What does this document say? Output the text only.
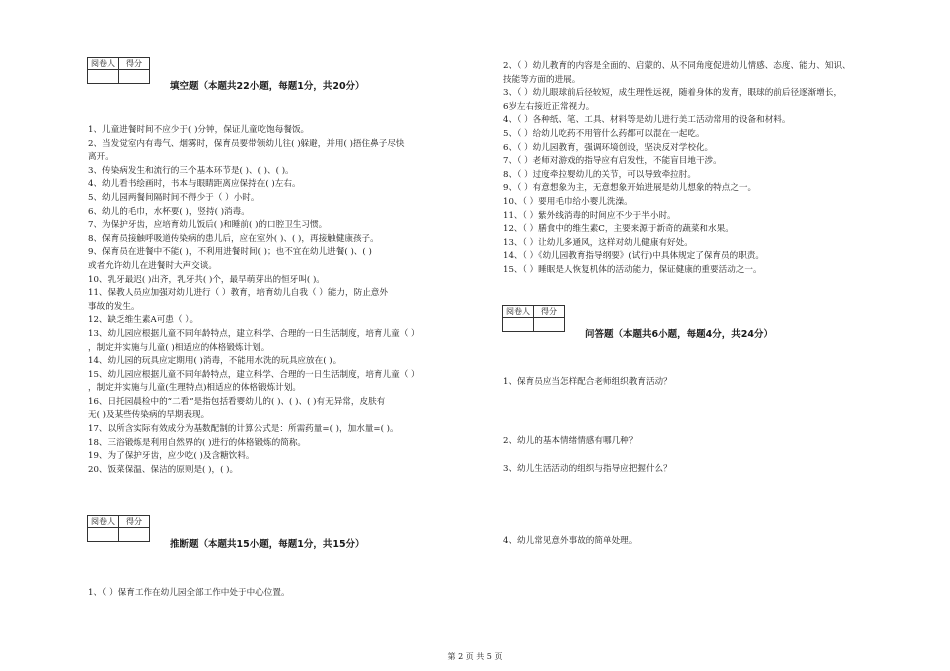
阅卷人	得分

填空题（本题共22小题，每题1分，共20分）
1、儿童进餐时间不应少于( )分钟，保证儿童吃饱每餐饭。
2、当发觉室内有毒气、烟雾时，保育员要带领幼儿往( )躲避，并用( )捂住鼻子尽快
离开。
3、传染病发生和流行的三个基本环节是( )、( )、( )。
4、幼儿看书绘画时，书本与眼睛距离应保持在( )左右。
5、幼儿园两餐间隔时间不得少于（ ）小时。
6、幼儿的毛巾，水杯要( )，竖持( )消毒。
7、为保护牙齿，应培育幼儿饭后( )和睡前( )的口腔卫生习惯。
8、保育员接触呼吸道传染病的患儿后，应在室外( )、( )，再接触健康孩子。
9、保育员在进餐中不能( )，不利用进餐时间( )；也不宜在幼儿进餐( )、( )
或者允许幼儿在进餐时大声交谈。
10、乳牙最迟( )出齐，乳牙共( )个，最早萌芽出的恒牙叫( )。
11、保教人员应加强对幼儿进行（ ）教育，培育幼儿自我（ ）能力，防止意外
事故的发生。
12、缺乏维生素A可患（ ）。
13、幼儿园应根据儿童不同年龄特点，建立科学、合理的一日生活制度，培育儿童（ ）
，制定并实施与儿童( )相适应的体格锻炼计划。
14、幼儿园的玩具应定期用( )消毒，不能用水洗的玩具应放在( )。
15、幼儿园应根据儿童不同年龄特点，建立科学、合理的一日生活制度，培育儿童（ ）
，制定并实施与儿童(生理特点)相适应的体格锻炼计划。
16、日托园晨检中的“二看”是指包括看婴幼儿的( )、( )、( )有无异常，皮肤有
无( )及某些传染病的早期表现。
17、以所含实际有效成分为基数配制的计算公式是：所需药量=( )，加水量=( )。
18、三浴锻炼是利用自然界的( )进行的体格锻炼的简称。
19、为了保护牙齿，应少吃( )及含糖饮料。
20、饭菜保温、保洁的原则是( )，( )。
阅卷人	得分

推断题（本题共15小题，每题1分，共15分）
1、（ ）保育工作在幼儿园全部工作中处于中心位置。
2、（ ）幼儿教育的内容是全面的、启蒙的、从不同角度促进幼儿情感、态度、能力、知识、
技能等方面的进展。
3、（ ）幼儿眼球前后径较短，成生理性远视，随着身体的发育，眼球的前后径逐渐增长，
6岁左右接近正常视力。
4、（ ）各种纸、笔、工具、材料等是幼儿进行美工活动常用的设备和材料。
5、（ ）给幼儿吃药不用管什么药都可以混在一起吃。
6、（ ）幼儿园教育，强调环境创设，坚决反对学校化。
7、（ ）老师对游戏的指导应有启发性，不能盲目地干涉。
8、（ ）过度牵拉婴幼儿的关节，可以导致牵拉肘。
9、（ ）有意想象为主，无意想象开始进展是幼儿想象的特点之一。
10、（ ）要用毛巾给小婴儿洗澡。
11、（ ）紫外线消毒的时间应不少于半小时。
12、（ ）膳食中的维生素C，主要来源于新奇的蔬菜和水果。
13、（ ）让幼儿多通风，这样对幼儿健康有好处。
14、（ ）《幼儿园教育指导纲要》(试行)中具体规定了保育员的职责。
15、（ ）睡眠是人恢复机体的活动能力，保证健康的重要活动之一。
阅卷人	得分

问答题（本题共6小题，每题4分，共24分）
1、保育员应当怎样配合老师组织教育活动？
2、幼儿的基本情绪情感有哪几种？
3、幼儿生活活动的组织与指导应把握什么？
4、幼儿常见意外事故的简单处理。
第 2 页 共 5 页
